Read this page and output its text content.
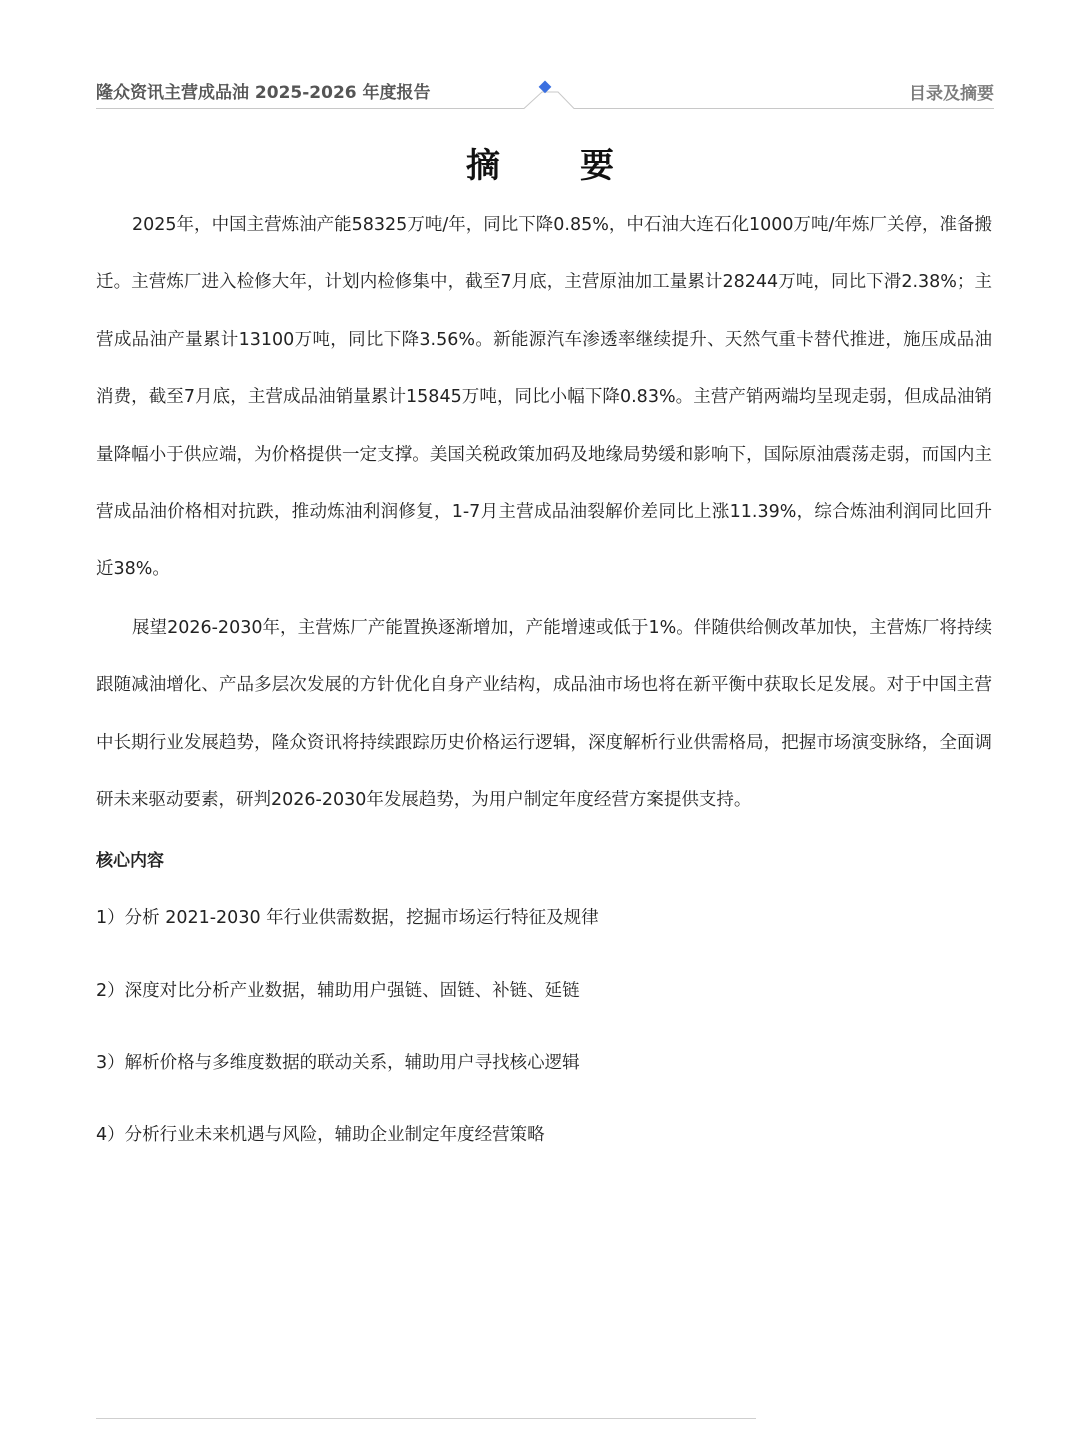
隆众资讯主营成品油 2025-2026 年度报告	目录及摘要
摘 要
2025年，中国主营炼油产能58325万吨/年，同比下降0.85%，中石油大连石化1000万吨/年炼厂关停，准备搬迁。主营炼厂进入检修大年，计划内检修集中，截至7月底，主营原油加工量累计28244万吨，同比下滑2.38%；主营成品油产量累计13100万吨，同比下降3.56%。新能源汽车渗透率继续提升、天然气重卡替代推进，施压成品油消费，截至7月底，主营成品油销量累计15845万吨，同比小幅下降0.83%。主营产销两端均呈现走弱，但成品油销量降幅小于供应端，为价格提供一定支撑。美国关税政策加码及地缘局势缓和影响下，国际原油震荡走弱，而国内主营成品油价格相对抗跌，推动炼油利润修复，1-7月主营成品油裂解价差同比上涨11.39%，综合炼油利润同比回升近38%。
展望2026-2030年，主营炼厂产能置换逐渐增加，产能增速或低于1%。伴随供给侧改革加快，主营炼厂将持续跟随减油增化、产品多层次发展的方针优化自身产业结构，成品油市场也将在新平衡中获取长足发展。对于中国主营中长期行业发展趋势，隆众资讯将持续跟踪历史价格运行逻辑，深度解析行业供需格局，把握市场演变脉络，全面调研未来驱动要素，研判2026-2030年发展趋势，为用户制定年度经营方案提供支持。
核心内容
1）分析 2021-2030 年行业供需数据，挖掘市场运行特征及规律
2）深度对比分析产业数据，辅助用户强链、固链、补链、延链
3）解析价格与多维度数据的联动关系，辅助用户寻找核心逻辑
4）分析行业未来机遇与风险，辅助企业制定年度经营策略
